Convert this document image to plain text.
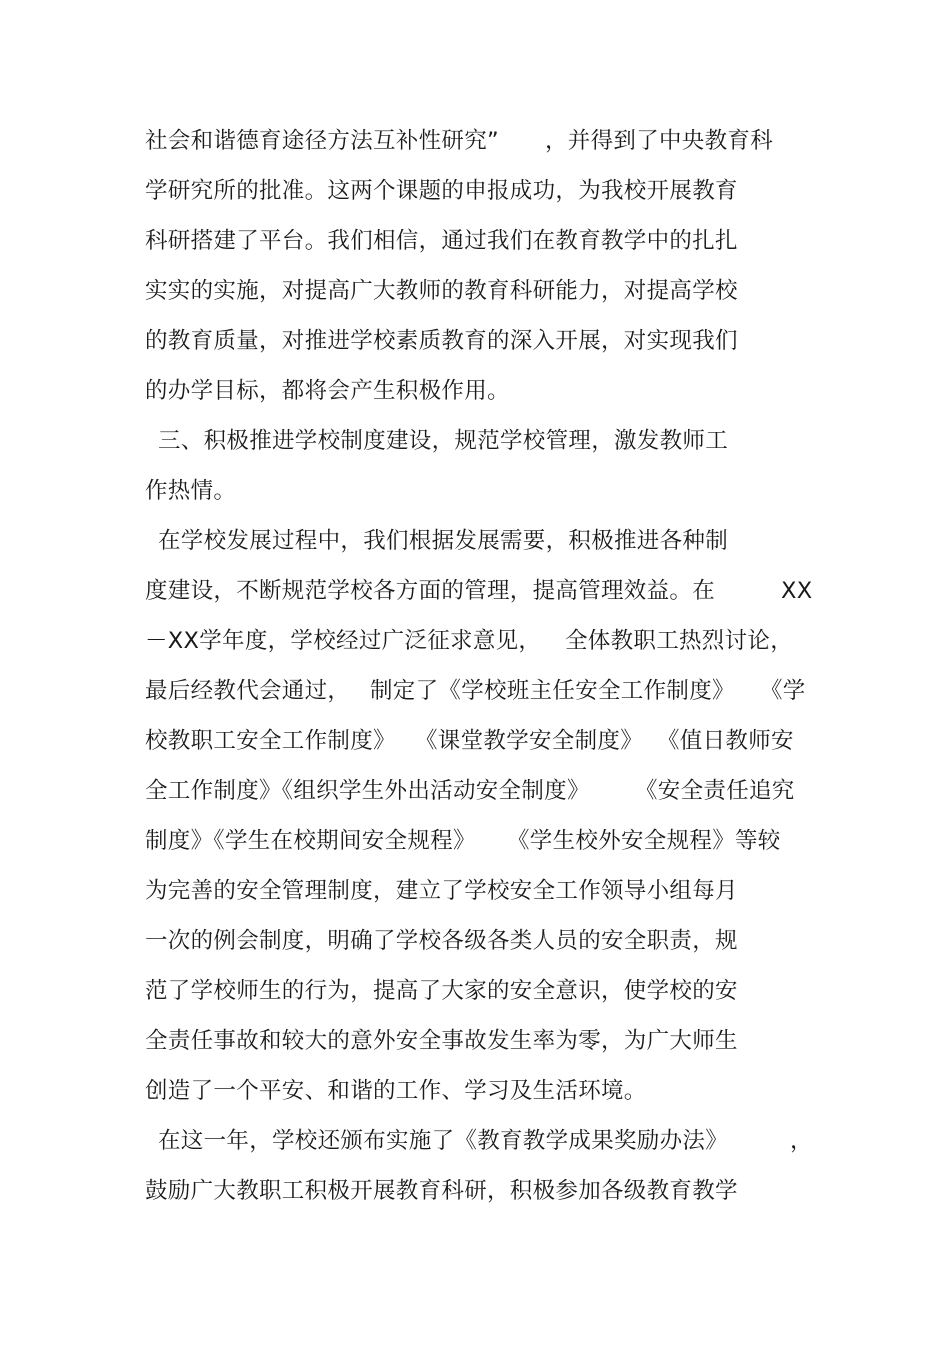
社会和谐德育途径方法互补性研究” ，并得到了中央教育科
学研究所的批准。这两个课题的申报成功，为我校开展教育
科研搭建了平台。我们相信，通过我们在教育教学中的扎扎
实实的实施，对提高广大教师的教育科研能力，对提高学校
的教育质量，对推进学校素质教育的深入开展，对实现我们
的办学目标，都将会产生积极作用。
三、积极推进学校制度建设，规范学校管理，激发教师工
作热情。
在学校发展过程中，我们根据发展需要，积极推进各种制
度建设，不断规范学校各方面的管理，提高管理效益。在	XX
－XX学年度，学校经过广泛征求意见， 全体教职工热烈讨论，
最后经教代会通过， 制定了《学校班主任安全工作制度》 《学
校教职工安全工作制度》 《课堂教学安全制度》 《值日教师安
全工作制度》《组织学生外出活动安全制度》 《安全责任追究
制度》《学生在校期间安全规程》 《学生校外安全规程》等较
为完善的安全管理制度，建立了学校安全工作领导小组每月
一次的例会制度，明确了学校各级各类人员的安全职责，规
范了学校师生的行为，提高了大家的安全意识，使学校的安
全责任事故和较大的意外安全事故发生率为零，为广大师生
创造了一个平安、和谐的工作、学习及生活环境。
在这一年，学校还颁布实施了《教育教学成果奖励办法》	，
鼓励广大教职工积极开展教育科研，积极参加各级教育教学
